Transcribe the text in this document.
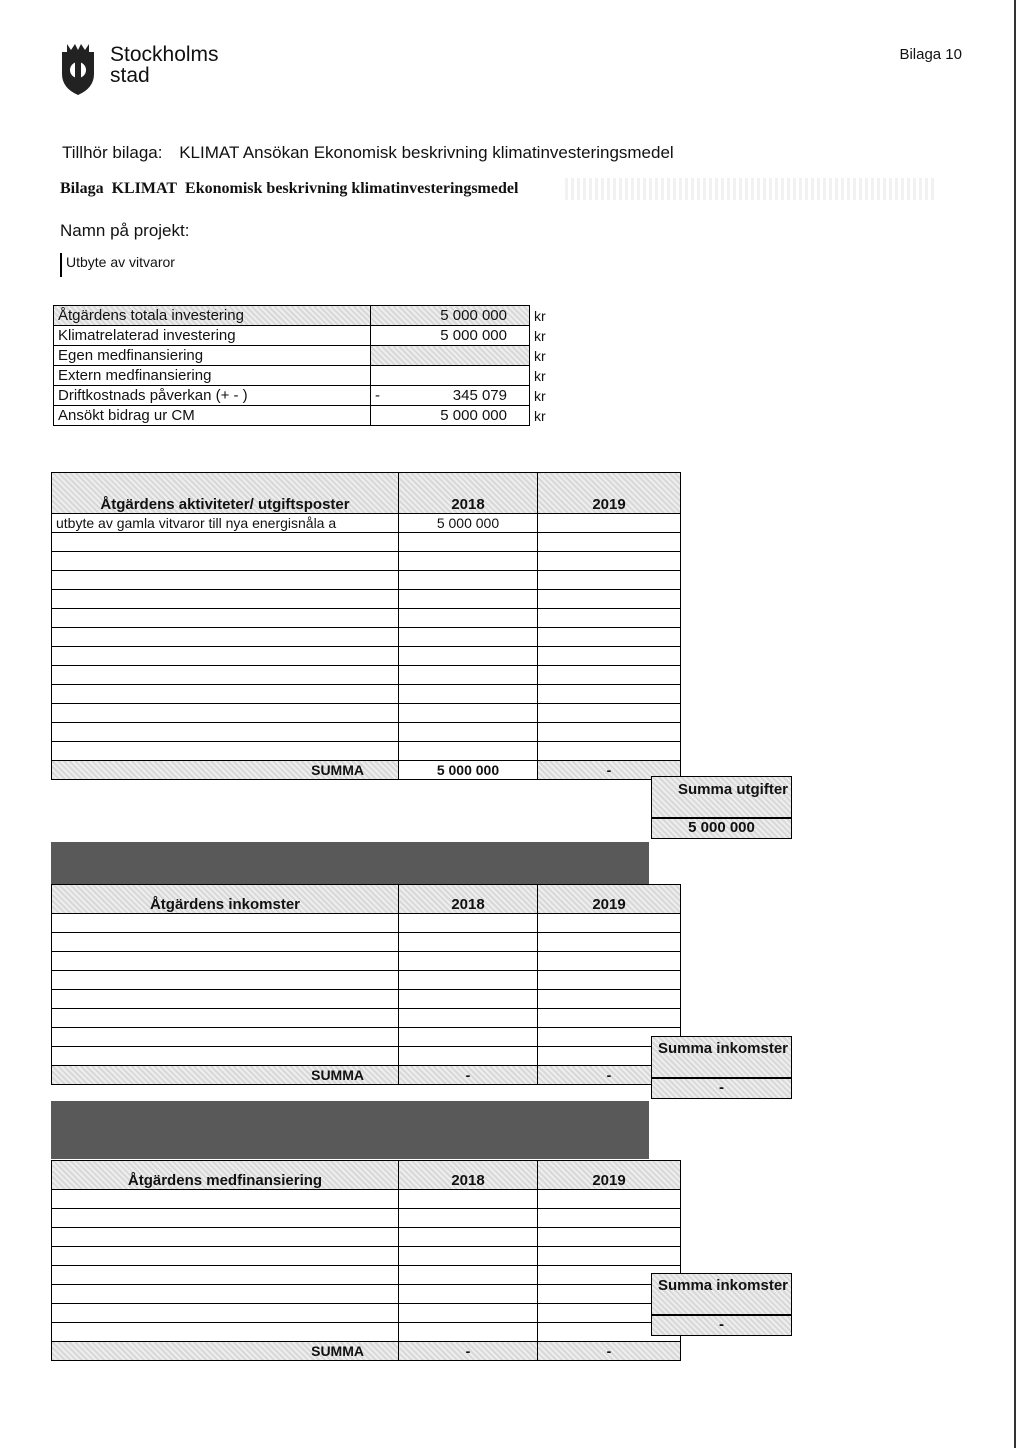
Stockholms
stad
Bilaga 10
Tillhör bilaga: KLIMAT Ansökan Ekonomisk beskrivning klimatinvesteringsmedel
Bilaga KLIMAT Ekonomisk beskrivning klimatinvesteringsmedel
Namn på projekt:
Utbyte av vitvaror
Åtgärdens totala investering	5 000 000	kr
Klimatrelaterad investering	5 000 000	kr
Egen medfinansiering		kr
Extern medfinansiering		kr
Driftkostnads påverkan (+ - )	- 345 079	kr
Ansökt bidrag ur CM	5 000 000	kr
Åtgärdens aktiviteter/ utgiftsposter	2018	2019
utbyte av gamla vitvaror till nya energisnåla a	5 000 000	

SUMMA	5 000 000	-
Summa utgifter
5 000 000
Åtgärdens inkomster	2018	2019

SUMMA	-	-
Summa inkomster
-
Åtgärdens medfinansiering	2018	2019

SUMMA	-	-
Summa inkomster
-
